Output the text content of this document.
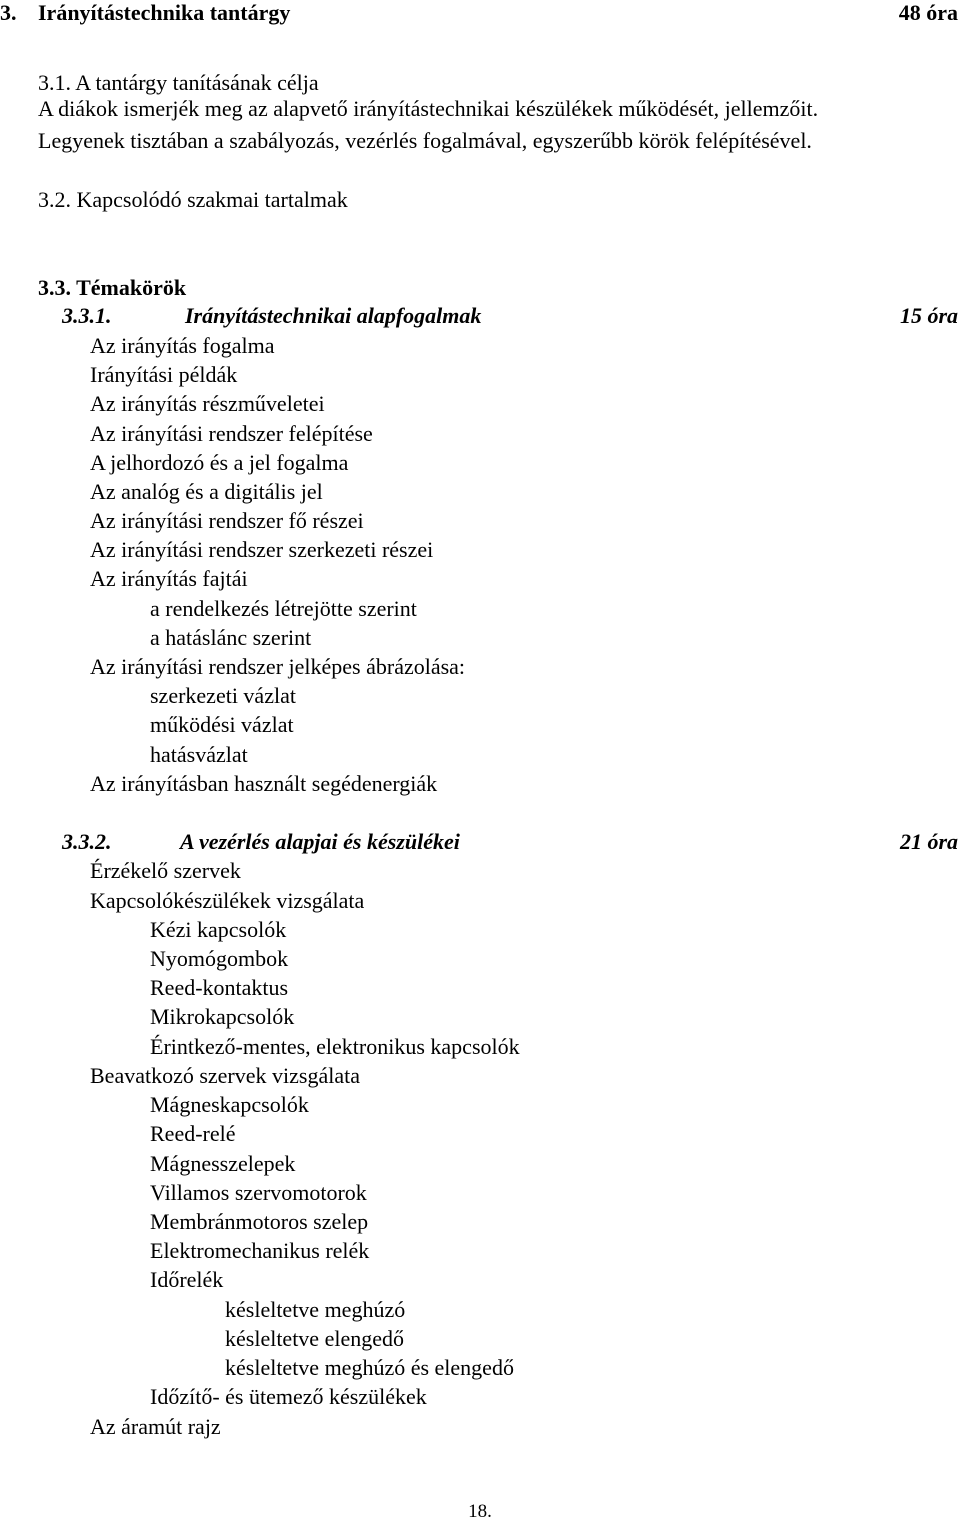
3. Irányítástechnika tantárgy	48 óra
3.1. A tantárgy tanításának célja
A diákok ismerjék meg az alapvető irányítástechnikai készülékek működését, jellemzőit.
Legyenek tisztában a szabályozás, vezérlés fogalmával, egyszerűbb körök felépítésével.
3.2. Kapcsolódó szakmai tartalmak
3.3. Témakörök
3.3.1.	Irányítástechnikai alapfogalmak	15 óra
Az irányítás fogalma
Irányítási példák
Az irányítás részműveletei
Az irányítási rendszer felépítése
A jelhordozó és a jel fogalma
Az analóg és a digitális jel
Az irányítási rendszer fő részei
Az irányítási rendszer szerkezeti részei
Az irányítás fajtái
a rendelkezés létrejötte szerint
a hatáslánc szerint
Az irányítási rendszer jelképes ábrázolása:
szerkezeti vázlat
működési vázlat
hatásvázlat
Az irányításban használt segédenergiák
3.3.2.	A vezérlés alapjai és készülékei	21 óra
Érzékelő szervek
Kapcsolókészülékek vizsgálata
Kézi kapcsolók
Nyomógombok
Reed-kontaktus
Mikrokapcsolók
Érintkező-mentes, elektronikus kapcsolók
Beavatkozó szervek vizsgálata
Mágneskapcsolók
Reed-relé
Mágnesszelepek
Villamos szervomotorok
Membránmotoros szelep
Elektromechanikus relék
Időrelék
késleltetve meghúzó
késleltetve elengedő
késleltetve meghúzó és elengedő
Időzítő- és ütemező készülékek
Az áramút rajz
18.
